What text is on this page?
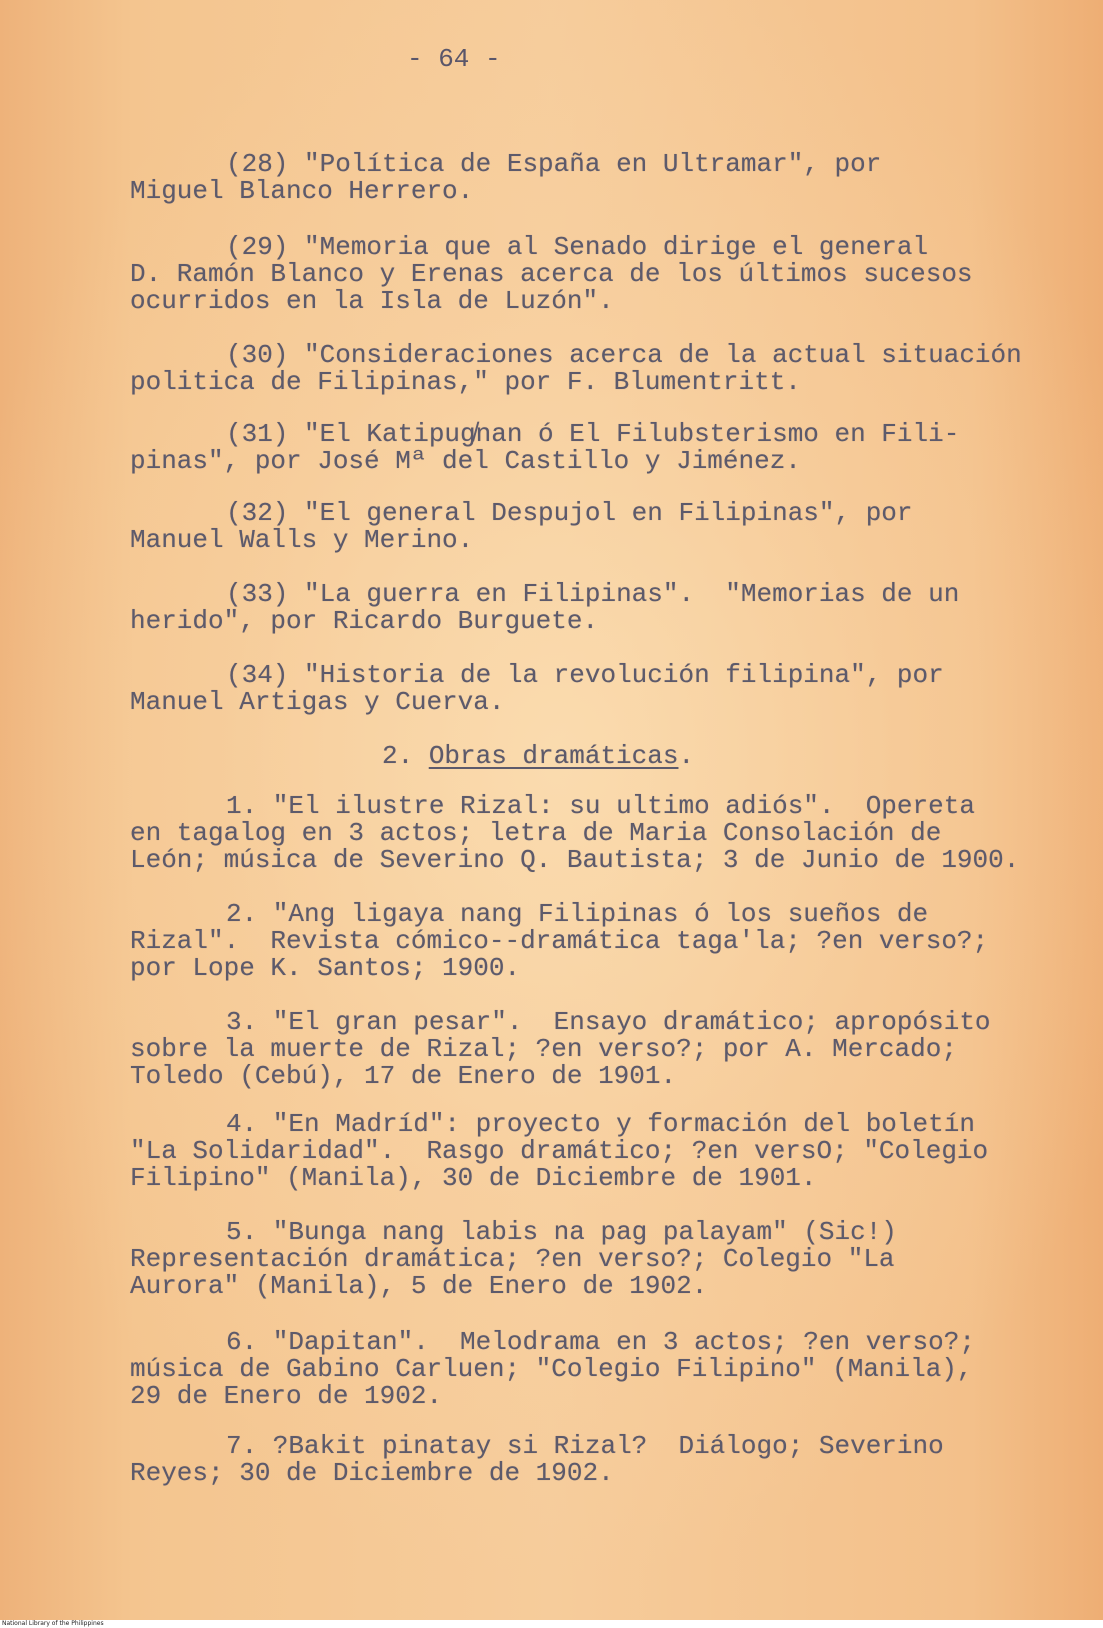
- 64 -
(28) "Política de España en Ultramar", por
Miguel Blanco Herrero.
(29) "Memoria que al Senado dirige el general
D. Ramón Blanco y Erenas acerca de los últimos sucesos
ocurridos en la Isla de Luzón".
(30) "Consideraciones acerca de la actual situación
politica de Filipinas," por F. Blumentritt.
(31) "El Katipug̸nan ó El Filubsterismo en Fili-
pinas", por José Mª del Castillo y Jiménez.
(32) "El general Despujol en Filipinas", por
Manuel Walls y Merino.
(33) "La guerra en Filipinas".  "Memorias de un
herido", por Ricardo Burguete.
(34) "Historia de la revolución filipina", por
Manuel Artigas y Cuerva.
2. Obras dramáticas.
1. "El ilustre Rizal: su ultimo adiós".  Opereta
en tagalog en 3 actos; letra de Maria Consolación de
León; música de Severino Q. Bautista; 3 de Junio de 1900.
2. "Ang ligaya nang Filipinas ó los sueños de
Rizal".  Revista cómico--dramática taga'la; ?en verso?;
por Lope K. Santos; 1900.
3. "El gran pesar".  Ensayo dramático; apropósito
sobre la muerte de Rizal; ?en verso?; por A. Mercado;
Toledo (Cebú), 17 de Enero de 1901.
4. "En Madríd": proyecto y formación del boletín
"La Solidaridad".  Rasgo dramático; ?en versO; "Colegio
Filipino" (Manila), 30 de Diciembre de 1901.
5. "Bunga nang labis na pag palayam" (Sic!)
Representación dramática; ?en verso?; Colegio "La
Aurora" (Manila), 5 de Enero de 1902.
6. "Dapitan".  Melodrama en 3 actos; ?en verso?;
música de Gabino Carluen; "Colegio Filipino" (Manila),
29 de Enero de 1902.
7. ?Bakit pinatay si Rizal?  Diálogo; Severino
Reyes; 30 de Diciembre de 1902.
National Library of the Philippines
